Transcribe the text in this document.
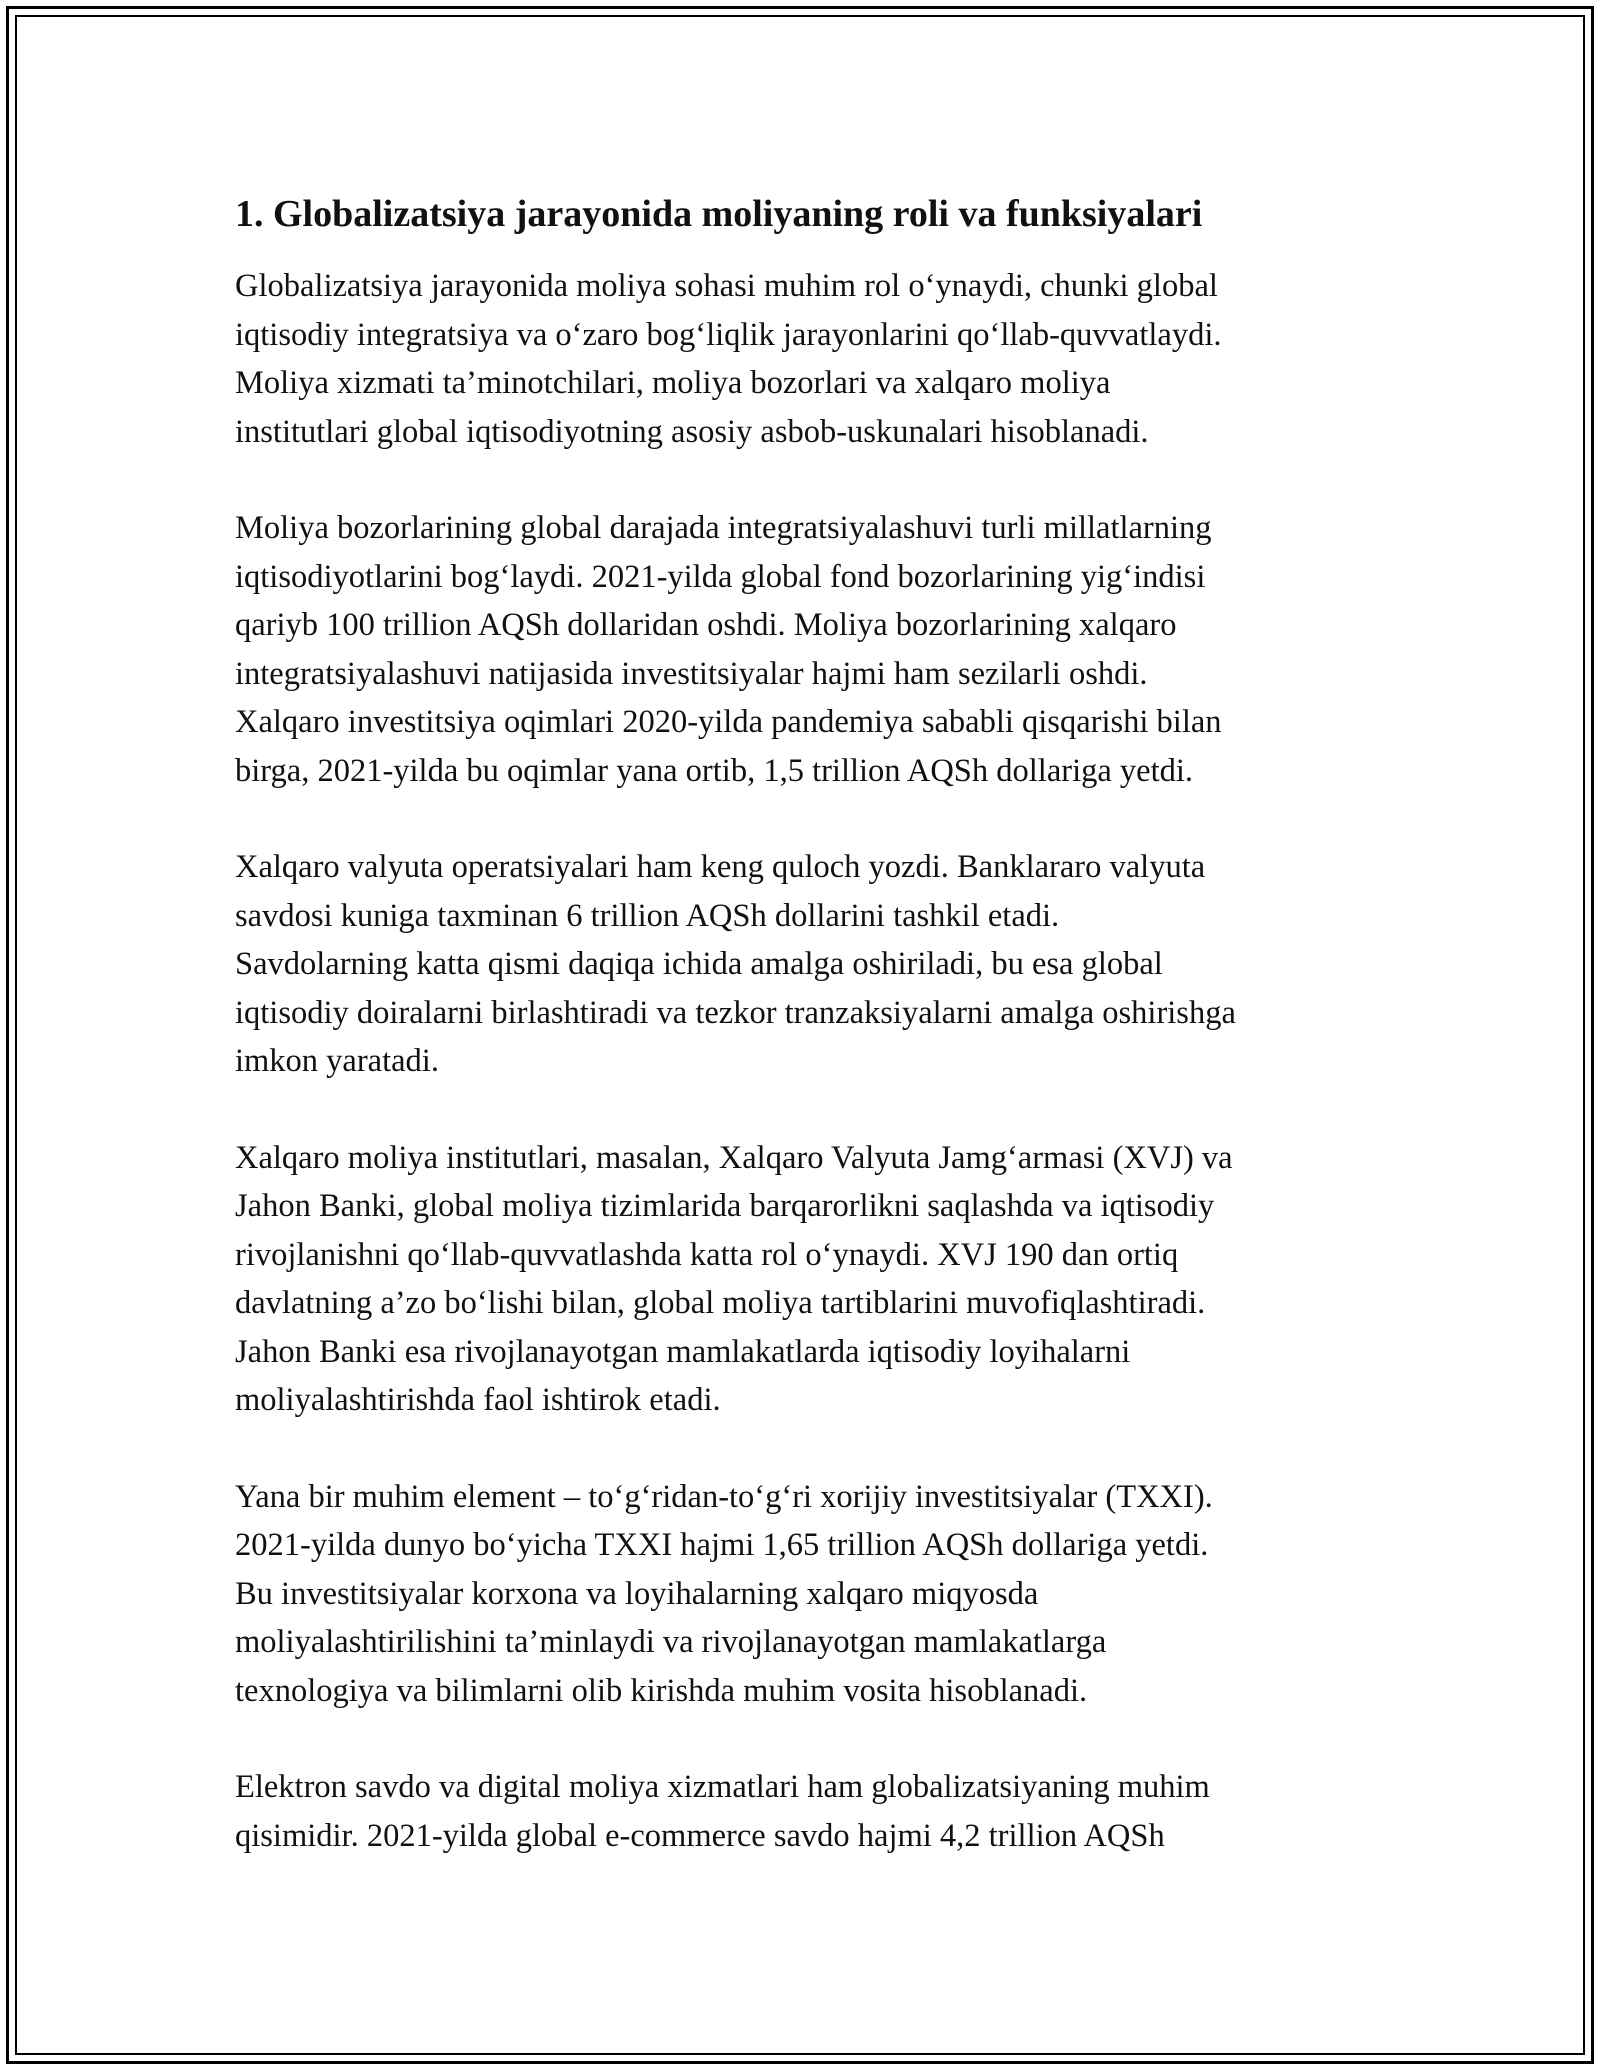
1. Globalizatsiya jarayonida moliyaning roli va funksiyalari

Globalizatsiya jarayonida moliya sohasi muhim rol o‘ynaydi, chunki global
iqtisodiy integratsiya va o‘zaro bog‘liqlik jarayonlarini qo‘llab-quvvatlaydi.
Moliya xizmati ta’minotchilari, moliya bozorlari va xalqaro moliya
institutlari global iqtisodiyotning asosiy asbob-uskunalari hisoblanadi.

Moliya bozorlarining global darajada integratsiyalashuvi turli millatlarning
iqtisodiyotlarini bog‘laydi. 2021-yilda global fond bozorlarining yig‘indisi
qariyb 100 trillion AQSh dollaridan oshdi. Moliya bozorlarining xalqaro
integratsiyalashuvi natijasida investitsiyalar hajmi ham sezilarli oshdi.
Xalqaro investitsiya oqimlari 2020-yilda pandemiya sababli qisqarishi bilan
birga, 2021-yilda bu oqimlar yana ortib, 1,5 trillion AQSh dollariga yetdi.

Xalqaro valyuta operatsiyalari ham keng quloch yozdi. Banklararo valyuta
savdosi kuniga taxminan 6 trillion AQSh dollarini tashkil etadi.
Savdolarning katta qismi daqiqa ichida amalga oshiriladi, bu esa global
iqtisodiy doiralarni birlashtiradi va tezkor tranzaksiyalarni amalga oshirishga
imkon yaratadi.

Xalqaro moliya institutlari, masalan, Xalqaro Valyuta Jamg‘armasi (XVJ) va
Jahon Banki, global moliya tizimlarida barqarorlikni saqlashda va iqtisodiy
rivojlanishni qo‘llab-quvvatlashda katta rol o‘ynaydi. XVJ 190 dan ortiq
davlatning a’zo bo‘lishi bilan, global moliya tartiblarini muvofiqlashtiradi.
Jahon Banki esa rivojlanayotgan mamlakatlarda iqtisodiy loyihalarni
moliyalashtirishda faol ishtirok etadi.

Yana bir muhim element – to‘g‘ridan-to‘g‘ri xorijiy investitsiyalar (TXXI).
2021-yilda dunyo bo‘yicha TXXI hajmi 1,65 trillion AQSh dollariga yetdi.
Bu investitsiyalar korxona va loyihalarning xalqaro miqyosda
moliyalashtirilishini ta’minlaydi va rivojlanayotgan mamlakatlarga
texnologiya va bilimlarni olib kirishda muhim vosita hisoblanadi.

Elektron savdo va digital moliya xizmatlari ham globalizatsiyaning muhim
qisimidir. 2021-yilda global e-commerce savdo hajmi 4,2 trillion AQSh
